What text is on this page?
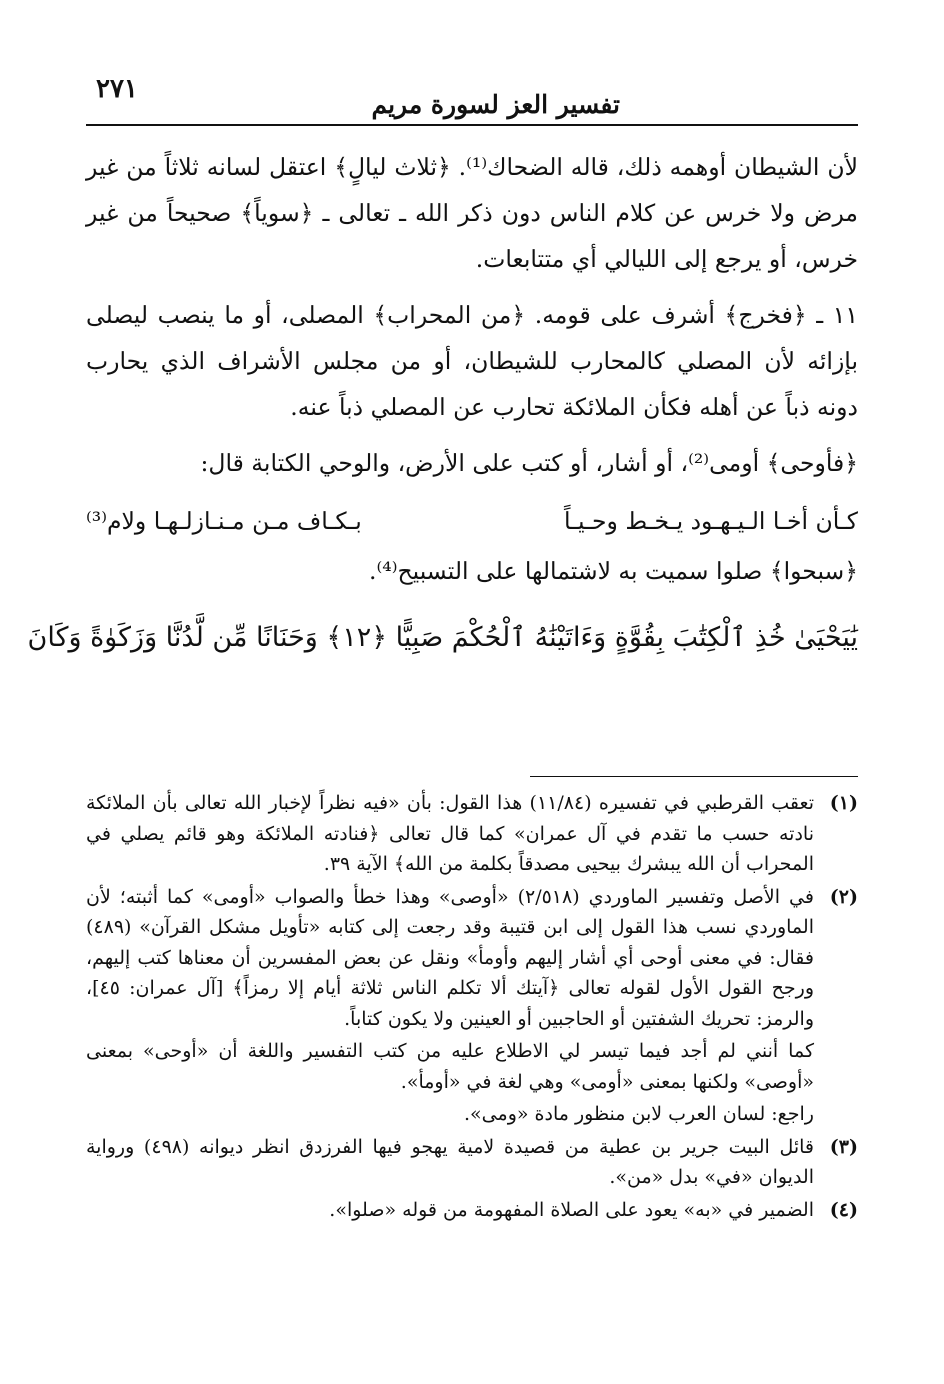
تفسير العز لسورة مريم
٢٧١

لأن الشيطان أوهمه ذلك، قاله الضحاك⁽¹⁾. ﴿ثلاث ليالٍ﴾ اعتقل لسانه ثلاثاً من غير مرض ولا خرس عن كلام الناس دون ذكر الله ـ تعالى ـ ﴿سوياً﴾ صحيحاً من غير خرس، أو يرجع إلى الليالي أي متتابعات.

١١ ـ ﴿فخرج﴾ أشرف على قومه. ﴿من المحراب﴾ المصلى، أو ما ينصب ليصلى بإزائه لأن المصلي كالمحارب للشيطان، أو من مجلس الأشراف الذي يحارب دونه ذباً عن أهله فكأن الملائكة تحارب عن المصلي ذباً عنه.

﴿فأوحى﴾ أومى⁽²⁾، أو أشار، أو كتب على الأرض، والوحي الكتابة قال:

كـأن أخـا الـيـهـود يـخـط وحـيـاً
بـكـاف مـن مـنـازلـهـا ولام⁽³⁾

﴿سبحوا﴾ صلوا سميت به لاشتمالها على التسبيح⁽⁴⁾.

يَٰيَحْيَىٰ خُذِ ٱلْكِتَٰبَ بِقُوَّةٍ وَءَاتَيْنَٰهُ ٱلْحُكْمَ صَبِيًّا ﴿١٢﴾ وَحَنَانًا مِّن لَّدُنَّا وَزَكَوٰةً وَكَانَ

(١)
تعقب القرطبي في تفسيره (١١/٨٤) هذا القول: بأن «فيه نظراً لإخبار الله تعالى بأن الملائكة نادته حسب ما تقدم في آل عمران» كما قال تعالى ﴿فنادته الملائكة وهو قائم يصلي في المحراب أن الله يبشرك بيحيى مصدقاً بكلمة من الله﴾ الآية ٣٩.
(٢)
في الأصل وتفسير الماوردي (٢/٥١٨) «أوصى» وهذا خطأ والصواب «أومى» كما أثبته؛ لأن الماوردي نسب هذا القول إلى ابن قتيبة وقد رجعت إلى كتابه «تأويل مشكل القرآن» (٤٨٩) فقال: في معنى أوحى أي أشار إليهم وأومأ» ونقل عن بعض المفسرين أن معناها كتب إليهم، ورجح القول الأول لقوله تعالى ﴿آيتك ألا تكلم الناس ثلاثة أيام إلا رمزاً﴾ [آل عمران: ٤٥]، والرمز: تحريك الشفتين أو الحاجبين أو العينين ولا يكون كتاباً.
كما أنني لم أجد فيما تيسر لي الاطلاع عليه من كتب التفسير واللغة أن «أوحى» بمعنى «أوصى» ولكنها بمعنى «أومى» وهي لغة في «أومأ».
راجع: لسان العرب لابن منظور مادة «ومى».
(٣)
قائل البيت جرير بن عطية من قصيدة لامية يهجو فيها الفرزدق انظر ديوانه (٤٩٨) ورواية الديوان «في» بدل «من».
(٤)
الضمير في «به» يعود على الصلاة المفهومة من قوله «صلوا».
